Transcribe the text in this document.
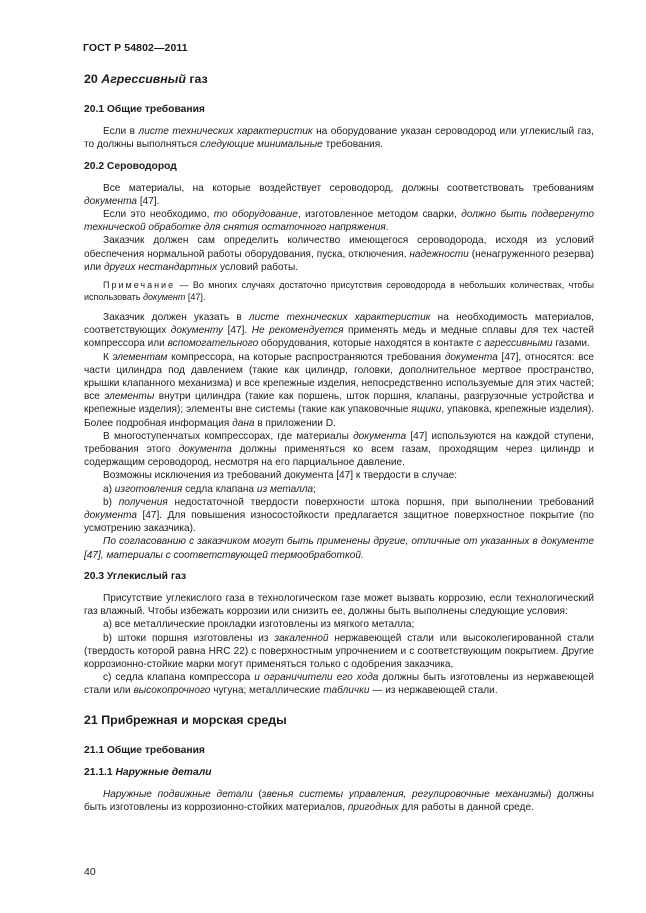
ГОСТ Р 54802—2011
20 Агрессивный газ
20.1 Общие требования

Если в листе технических характеристик на оборудование указан сероводород или углекислый газ, то должны выполняться следующие минимальные требования.

20.2 Сероводород

Все материалы, на которые воздействует сероводород, должны соответствовать требованиям документа [47].

Если это необходимо, то оборудование, изготовленное методом сварки, должно быть подвергнуто технической обработке для снятия остаточного напряжения.

Заказчик должен сам определить количество имеющегося сероводорода, исходя из условий обеспечения нормальной работы оборудования, пуска, отключения, надежности (ненагруженного резерва) или других нестандартных условий работы.

Примечание — Во многих случаях достаточно присутствия сероводорода в небольших количествах, чтобы использовать документ [47].

Заказчик должен указать в листе технических характеристик на необходимость материалов, соответствующих документу [47]. Не рекомендуется применять медь и медные сплавы для тех частей компрессора или вспомогательного оборудования, которые находятся в контакте с агрессивными газами.

К элементам компрессора, на которые распространяются требования документа [47], относятся: все части цилиндра под давлением (такие как цилиндр, головки, дополнительное мертвое пространство, крышки клапанного механизма) и все крепежные изделия, непосредственно используемые для этих частей; все элементы внутри цилиндра (такие как поршень, шток поршня, клапаны, разгрузочные устройства и крепежные изделия); элементы вне системы (такие как упаковочные ящики, упаковка, крепежные изделия). Более подробная информация дана в приложении D.

В многоступенчатых компрессорах, где материалы документа [47] используются на каждой ступени, требования этого документа должны применяться ко всем газам, проходящим через цилиндр и содержащим сероводород, несмотря на его парциальное давление.

Возможны исключения из требований документа [47] к твердости в случае:

а) изготовления седла клапана из металла;

b) получения недостаточной твердости поверхности штока поршня, при выполнении требований документа [47]. Для повышения износостойкости предлагается защитное поверхностное покрытие (по усмотрению заказчика).

По согласованию с заказчиком могут быть применены другие, отличные от указанных в документе [47], материалы с соответствующей термообработкой.

20.3 Углекислый газ

Присутствие углекислого газа в технологическом газе может вызвать коррозию, если технологический газ влажный. Чтобы избежать коррозии или снизить ее, должны быть выполнены следующие условия:

а) все металлические прокладки изготовлены из мягкого металла;

b) штоки поршня изготовлены из закаленной нержавеющей стали или высоколегированной стали (твердость которой равна HRC 22) с поверхностным упрочнением и с соответствующим покрытием. Другие коррозионно-стойкие марки могут применяться только с одобрения заказчика,

с) седла клапана компрессора и ограничители его хода должны быть изготовлены из нержавеющей стали или высокопрочного чугуна; металлические таблички — из нержавеющей стали.

21 Прибрежная и морская среды
21.1 Общие требования
21.1.1 Наружные детали

Наружные подвижные детали (звенья системы управления, регулировочные механизмы) должны быть изготовлены из коррозионно-стойких материалов, пригодных для работы в данной среде.

40
